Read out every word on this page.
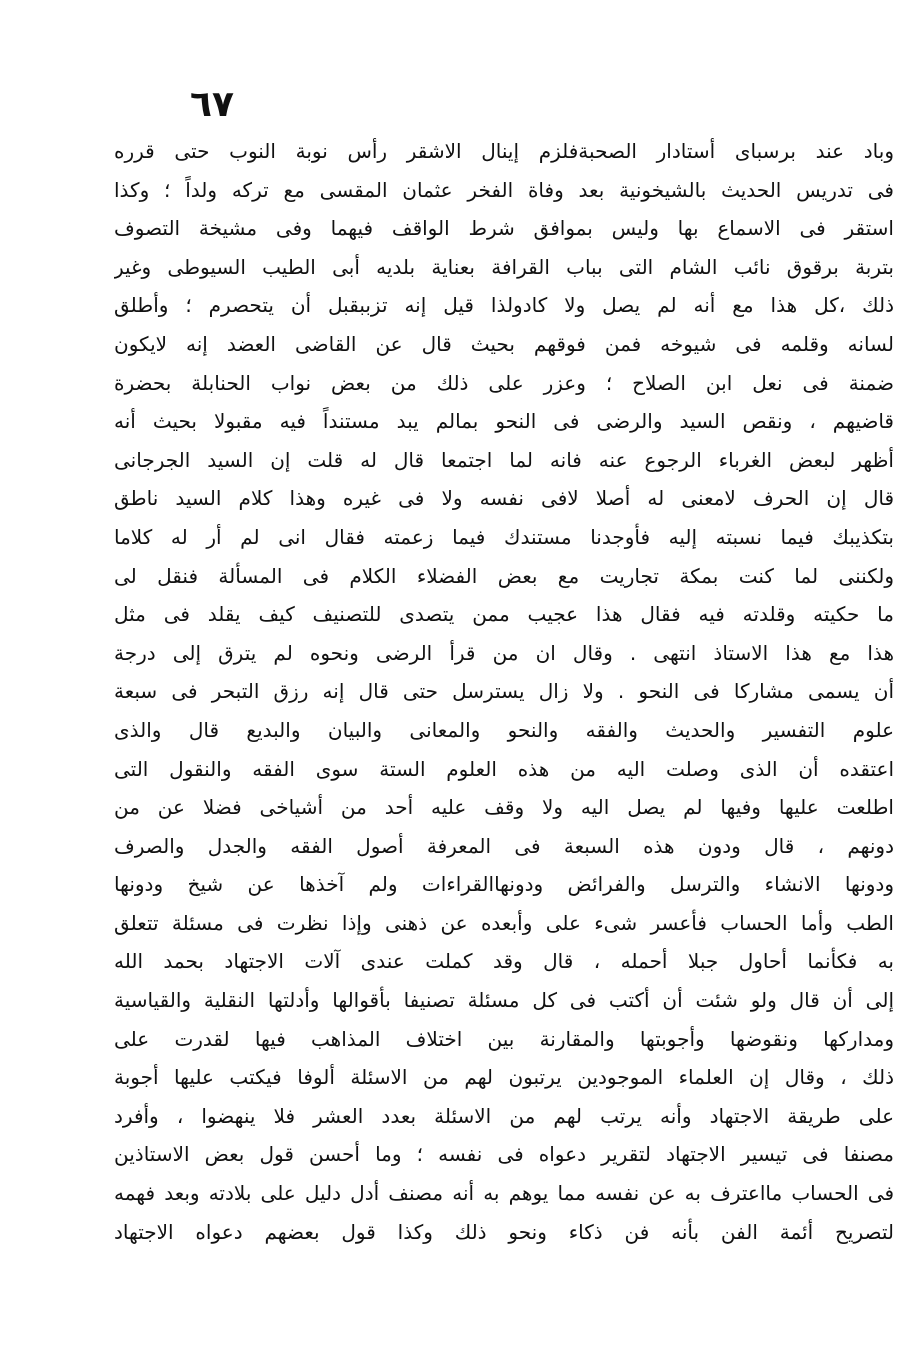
٦٧
وباد عند برسباى أستادار الصحبةفلزم إينال الاشقر رأس نوبة النوب حتى قرره
فى تدريس الحديث بالشيخونية بعد وفاة الفخر عثمان المقسى مع تركه ولداً ؛ وكذا
استقر فى الاسماع بها وليس بموافق شرط الواقف فيهما وفى مشيخة التصوف
بتربة برقوق نائب الشام التى بباب القرافة بعناية بلديه أبى الطيب السيوطى وغير
ذلك ،كل هذا مع أنه لم يصل ولا كادولذا قيل إنه تزببقبل أن يتحصرم ؛ وأطلق
لسانه وقلمه فى شيوخه فمن فوقهم بحيث قال عن القاضى العضد إنه لايكون
ضمنة فى نعل ابن الصلاح ؛ وعزر على ذلك من بعض نواب الحنابلة بحضرة
قاضيهم ، ونقص السيد والرضى فى النحو بمالم يبد مستنداً فيه مقبولا بحيث أنه
أظهر لبعض الغرباء الرجوع عنه فانه لما اجتمعا قال له قلت إن السيد الجرجانى
قال إن الحرف لامعنى له أصلا لافى نفسه ولا فى غيره وهذا كلام السيد ناطق
بتكذيبك فيما نسبته إليه فأوجدنا مستندك فيما زعمته فقال انى لم أر له كلاما
ولكننى لما كنت بمكة تجاريت مع بعض الفضلاء الكلام فى المسألة فنقل لى
ما حكيته وقلدته فيه فقال هذا عجيب ممن يتصدى للتصنيف كيف يقلد فى مثل
هذا مع هذا الاستاذ انتهى . وقال ان من قرأ الرضى ونحوه لم يترق إلى درجة
أن يسمى مشاركا فى النحو . ولا زال يسترسل حتى قال إنه رزق التبحر فى سبعة
علوم التفسير والحديث والفقه والنحو والمعانى والبيان والبديع قال والذى
اعتقده أن الذى وصلت اليه من هذه العلوم الستة سوى الفقه والنقول التى
اطلعت عليها وفيها لم يصل اليه ولا وقف عليه أحد من أشياخى فضلا عن من
دونهم ، قال ودون هذه السبعة فى المعرفة أصول الفقه والجدل والصرف
ودونها الانشاء والترسل والفرائض ودونهاالقراءات ولم آخذها عن شيخ ودونها
الطب وأما الحساب فأعسر شىء على وأبعده عن ذهنى وإذا نظرت فى مسئلة تتعلق
به فكأنما أحاول جبلا أحمله ، قال وقد كملت عندى آلات الاجتهاد بحمد الله
إلى أن قال ولو شئت أن أكتب فى كل مسئلة تصنيفا بأقوالها وأدلتها النقلية والقياسية
ومداركها ونقوضها وأجوبتها والمقارنة بين اختلاف المذاهب فيها لقدرت على
ذلك ، وقال إن العلماء الموجودين يرتبون لهم من الاسئلة ألوفا فيكتب عليها أجوبة
على طريقة الاجتهاد وأنه يرتب لهم من الاسئلة بعدد العشر فلا ينهضوا ، وأفرد
مصنفا فى تيسير الاجتهاد لتقرير دعواه فى نفسه ؛ وما أحسن قول بعض الاستاذين
فى الحساب مااعترف به عن نفسه مما يوهم به أنه مصنف أدل دليل على بلادته وبعد فهمه
لتصريح أئمة الفن بأنه فن ذكاء ونحو ذلك وكذا قول بعضهم دعواه الاجتهاد
